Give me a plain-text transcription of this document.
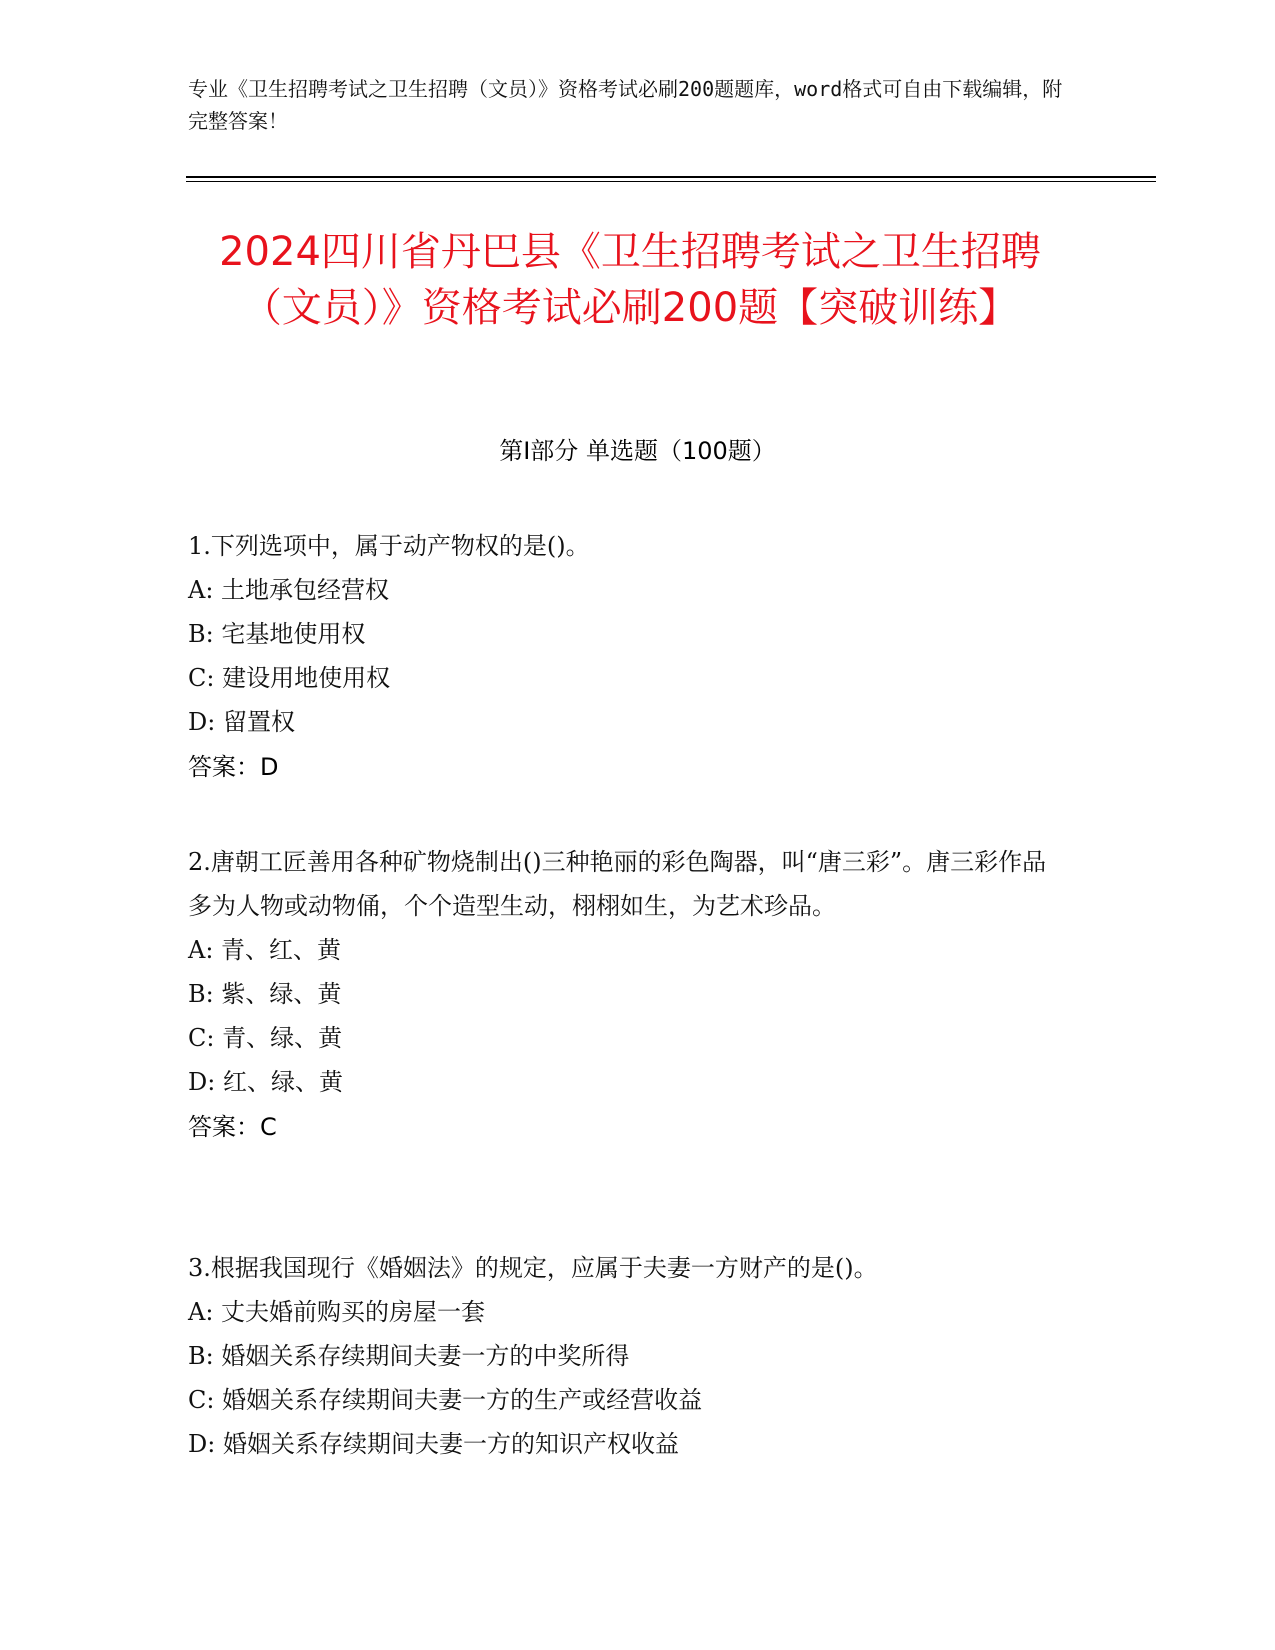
专业《卫生招聘考试之卫生招聘（文员）》资格考试必刷200题题库，word格式可自由下载编辑，附完整答案！
2024四川省丹巴县《卫生招聘考试之卫生招聘（文员）》资格考试必刷200题【突破训练】
第I部分 单选题（100题）

1.下列选项中，属于动产物权的是()。

A: 土地承包经营权

B: 宅基地使用权

C: 建设用地使用权

D: 留置权

答案：D

2.唐朝工匠善用各种矿物烧制出()三种艳丽的彩色陶器，叫“唐三彩”。唐三彩作品多为人物或动物俑，个个造型生动，栩栩如生，为艺术珍品。

A: 青、红、黄

B: 紫、绿、黄

C: 青、绿、黄

D: 红、绿、黄

答案：C

3.根据我国现行《婚姻法》的规定，应属于夫妻一方财产的是()。

A: 丈夫婚前购买的房屋一套

B: 婚姻关系存续期间夫妻一方的中奖所得

C: 婚姻关系存续期间夫妻一方的生产或经营收益

D: 婚姻关系存续期间夫妻一方的知识产权收益
